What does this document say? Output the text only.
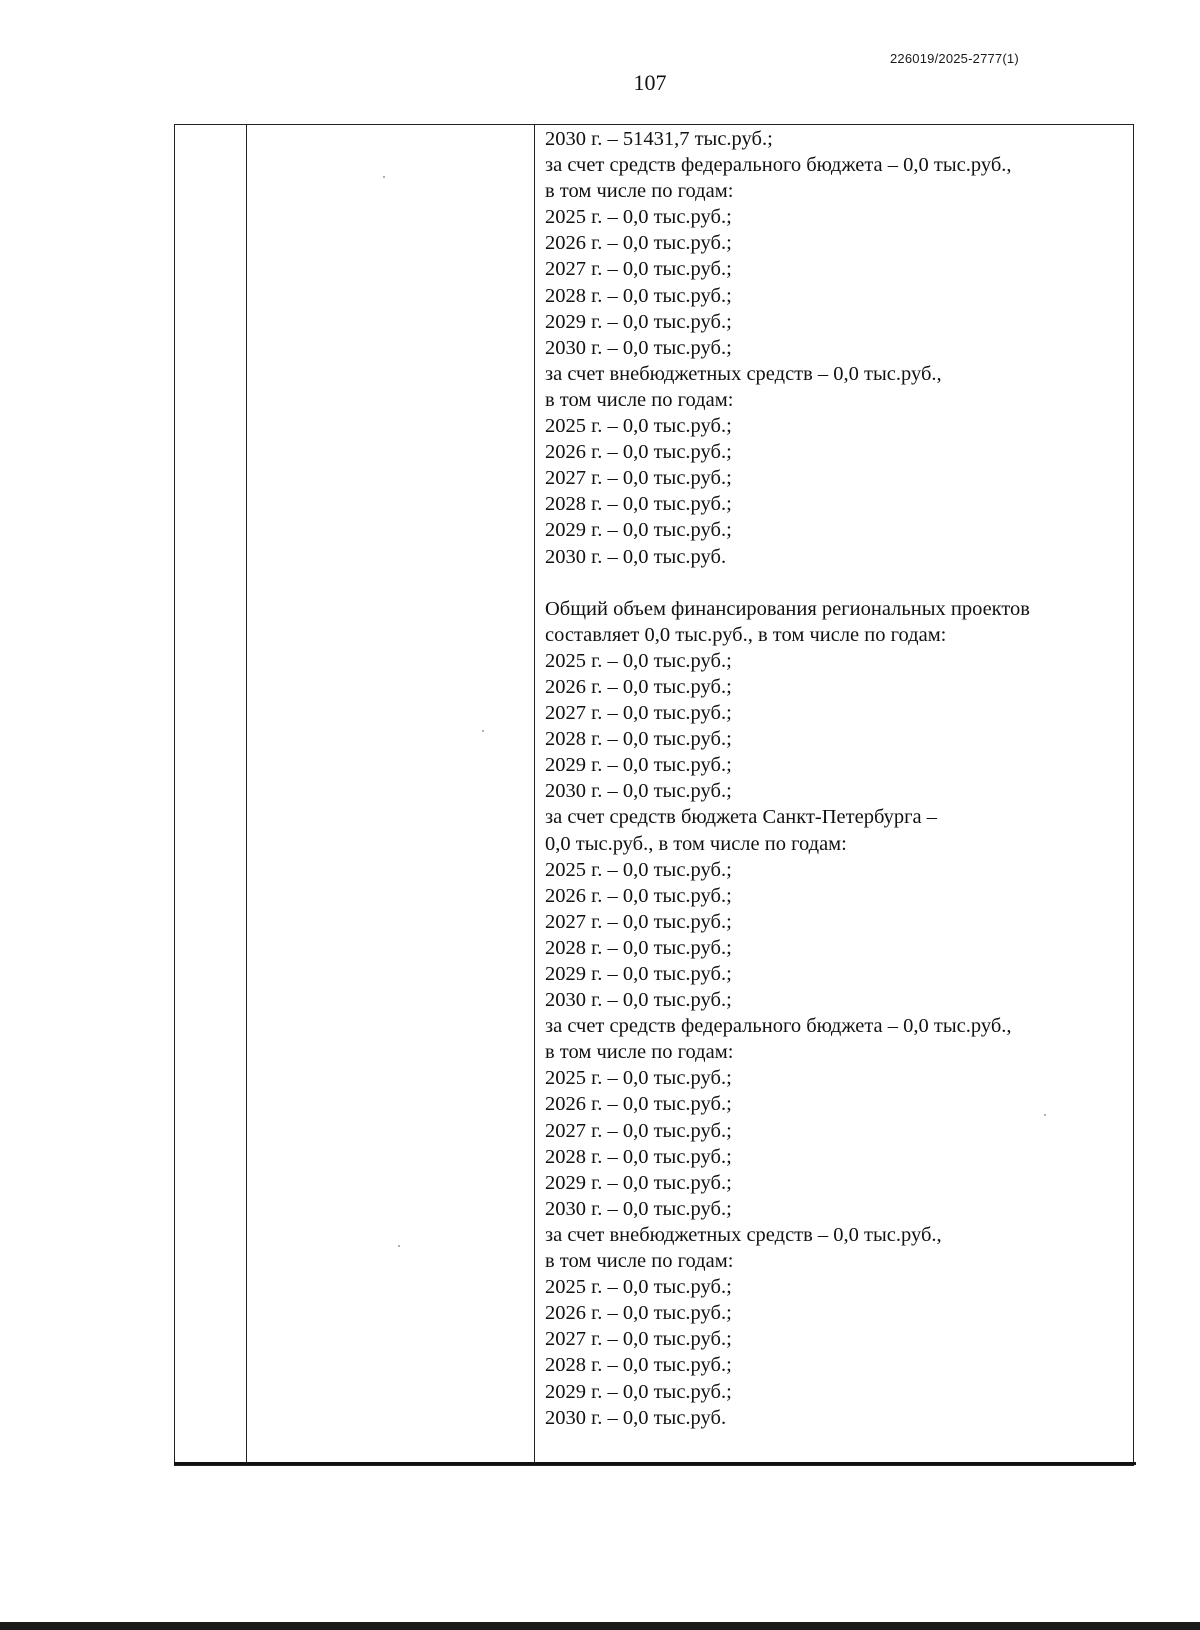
226019/2025-2777(1)
107
2030 г. – 51431,7 тыс.руб.;
за счет средств федерального бюджета – 0,0 тыс.руб.,
в том числе по годам:
2025 г. – 0,0 тыс.руб.;
2026 г. – 0,0 тыс.руб.;
2027 г. – 0,0 тыс.руб.;
2028 г. – 0,0 тыс.руб.;
2029 г. – 0,0 тыс.руб.;
2030 г. – 0,0 тыс.руб.;
за счет внебюджетных средств – 0,0 тыс.руб.,
в том числе по годам:
2025 г. – 0,0 тыс.руб.;
2026 г. – 0,0 тыс.руб.;
2027 г. – 0,0 тыс.руб.;
2028 г. – 0,0 тыс.руб.;
2029 г. – 0,0 тыс.руб.;
2030 г. – 0,0 тыс.руб.
Общий объем финансирования региональных проектов
составляет 0,0 тыс.руб., в том числе по годам:
2025 г. – 0,0 тыс.руб.;
2026 г. – 0,0 тыс.руб.;
2027 г. – 0,0 тыс.руб.;
2028 г. – 0,0 тыс.руб.;
2029 г. – 0,0 тыс.руб.;
2030 г. – 0,0 тыс.руб.;
за счет средств бюджета Санкт-Петербурга –
0,0 тыс.руб., в том числе по годам:
2025 г. – 0,0 тыс.руб.;
2026 г. – 0,0 тыс.руб.;
2027 г. – 0,0 тыс.руб.;
2028 г. – 0,0 тыс.руб.;
2029 г. – 0,0 тыс.руб.;
2030 г. – 0,0 тыс.руб.;
за счет средств федерального бюджета – 0,0 тыс.руб.,
в том числе по годам:
2025 г. – 0,0 тыс.руб.;
2026 г. – 0,0 тыс.руб.;
2027 г. – 0,0 тыс.руб.;
2028 г. – 0,0 тыс.руб.;
2029 г. – 0,0 тыс.руб.;
2030 г. – 0,0 тыс.руб.;
за счет внебюджетных средств – 0,0 тыс.руб.,
в том числе по годам:
2025 г. – 0,0 тыс.руб.;
2026 г. – 0,0 тыс.руб.;
2027 г. – 0,0 тыс.руб.;
2028 г. – 0,0 тыс.руб.;
2029 г. – 0,0 тыс.руб.;
2030 г. – 0,0 тыс.руб.
